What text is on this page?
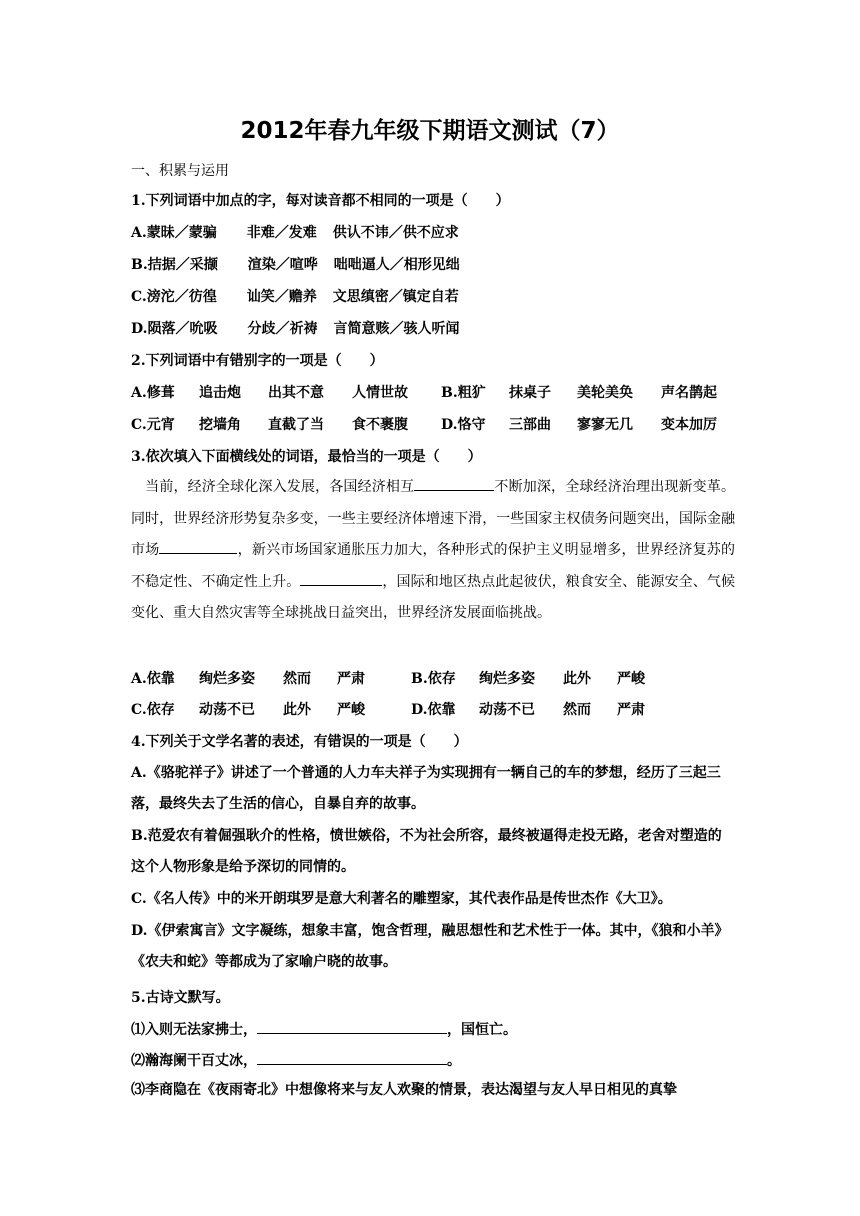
2012年春九年级下期语文测试（7）
一、积累与运用
1.下列词语中加点的字，每对读音都不相同的一项是（　　）
A.蒙昧／蒙骗 非难／发难 供认不讳／供不应求
B.拮据／采撷 渲染／喧哗 咄咄逼人／相形见绌
C.滂沱／彷徨 讪笑／赡养 文思缜密／镇定自若
D.陨落／吮吸 分歧／祈祷 言简意赅／骇人听闻
2.下列词语中有错别字的一项是（　　）
A.修葺 追击炮 出其不意 人情世故 B.粗犷 抹桌子 美轮美奂 声名鹊起
C.元宵 挖墙角 直截了当 食不裹腹 D.恪守 三部曲 寥寥无几 变本加厉
3.依次填入下面横线处的词语，最恰当的一项是（　　）
当前，经济全球化深入发展，各国经济相互	不断加深，全球经济治理出现新变革。同时，世界经济形势复杂多变，一些主要经济体增速下滑，一些国家主权债务问题突出，国际金融市场	，新兴市场国家通胀压力加大，各种形式的保护主义明显增多，世界经济复苏的不稳定性、不确定性上升。	，国际和地区热点此起彼伏，粮食安全、能源安全、气候变化、重大自然灾害等全球挑战日益突出，世界经济发展面临挑战。
A.依靠 绚烂多姿 然而 严肃	B.依存 绚烂多姿 此外 严峻
C.依存 动荡不已 此外 严峻	D.依靠 动荡不已 然而 严肃
4.下列关于文学名著的表述，有错误的一项是（　　）
A.《骆驼祥子》讲述了一个普通的人力车夫祥子为实现拥有一辆自己的车的梦想，经历了三起三落，最终失去了生活的信心，自暴自弃的故事。
B.范爱农有着倔强耿介的性格，愤世嫉俗，不为社会所容，最终被逼得走投无路，老舍对塑造的这个人物形象是给予深切的同情的。
C.《名人传》中的米开朗琪罗是意大利著名的雕塑家，其代表作品是传世杰作《大卫》。
D.《伊索寓言》文字凝练，想象丰富，饱含哲理，融思想性和艺术性于一体。其中，《狼和小羊》《农夫和蛇》等都成为了家喻户晓的故事。
5.古诗文默写。
⑴入则无法家拂士，	，国恒亡。
⑵瀚海阑干百丈冰，	。
⑶李商隐在《夜雨寄北》中想像将来与友人欢聚的情景，表达渴望与友人早日相见的真挚
